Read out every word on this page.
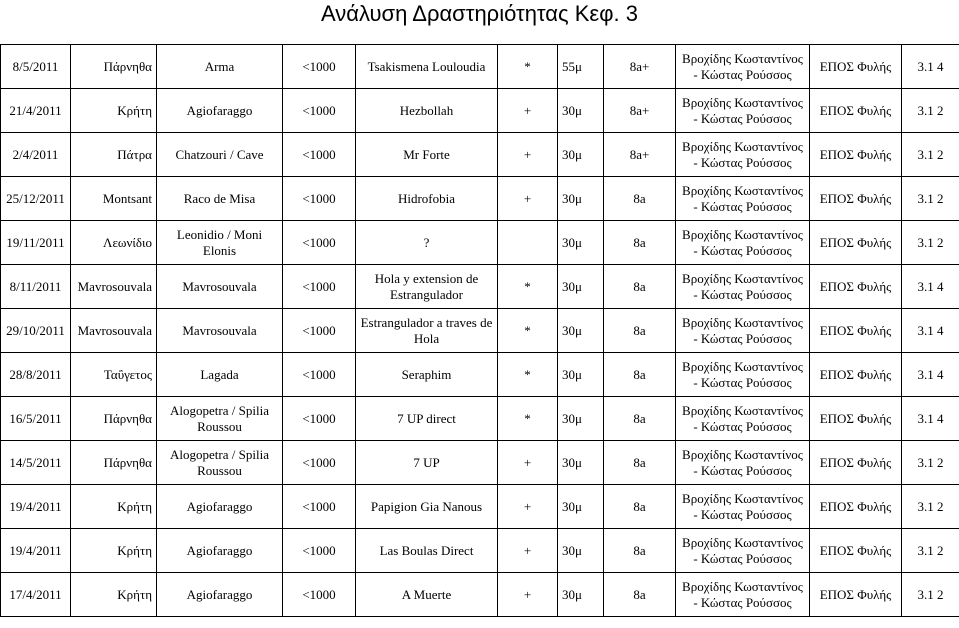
Ανάλυση Δραστηριότητας Κεφ. 3
8/5/2011	Πάρνηθα	Arma	<1000	Tsakismena Louloudia	*	55μ	8a+	Βροχίδης Κωσταντίνος - Κώστας Ρούσσος	ΕΠΟΣ Φυλής	3.1 4
21/4/2011	Κρήτη	Agiofaraggo	<1000	Hezbollah	+	30μ	8a+	Βροχίδης Κωσταντίνος - Κώστας Ρούσσος	ΕΠΟΣ Φυλής	3.1 2
2/4/2011	Πάτρα	Chatzouri / Cave	<1000	Mr Forte	+	30μ	8a+	Βροχίδης Κωσταντίνος - Κώστας Ρούσσος	ΕΠΟΣ Φυλής	3.1 2
25/12/2011	Montsant	Raco de Misa	<1000	Hidrofobia	+	30μ	8a	Βροχίδης Κωσταντίνος - Κώστας Ρούσσος	ΕΠΟΣ Φυλής	3.1 2
19/11/2011	Λεωνίδιο	Leonidio / Moni Elonis	<1000	?		30μ	8a	Βροχίδης Κωσταντίνος - Κώστας Ρούσσος	ΕΠΟΣ Φυλής	3.1 2
8/11/2011	Mavrosouvala	Mavrosouvala	<1000	Hola y extension de Estrangulador	*	30μ	8a	Βροχίδης Κωσταντίνος - Κώστας Ρούσσος	ΕΠΟΣ Φυλής	3.1 4
29/10/2011	Mavrosouvala	Mavrosouvala	<1000	Estrangulador a traves de Hola	*	30μ	8a	Βροχίδης Κωσταντίνος - Κώστας Ρούσσος	ΕΠΟΣ Φυλής	3.1 4
28/8/2011	Ταΰγετος	Lagada	<1000	Seraphim	*	30μ	8a	Βροχίδης Κωσταντίνος - Κώστας Ρούσσος	ΕΠΟΣ Φυλής	3.1 4
16/5/2011	Πάρνηθα	Alogopetra / Spilia Roussou	<1000	7 UP direct	*	30μ	8a	Βροχίδης Κωσταντίνος - Κώστας Ρούσσος	ΕΠΟΣ Φυλής	3.1 4
14/5/2011	Πάρνηθα	Alogopetra / Spilia Roussou	<1000	7 UP	+	30μ	8a	Βροχίδης Κωσταντίνος - Κώστας Ρούσσος	ΕΠΟΣ Φυλής	3.1 2
19/4/2011	Κρήτη	Agiofaraggo	<1000	Papigion Gia Nanous	+	30μ	8a	Βροχίδης Κωσταντίνος - Κώστας Ρούσσος	ΕΠΟΣ Φυλής	3.1 2
19/4/2011	Κρήτη	Agiofaraggo	<1000	Las Boulas Direct	+	30μ	8a	Βροχίδης Κωσταντίνος - Κώστας Ρούσσος	ΕΠΟΣ Φυλής	3.1 2
17/4/2011	Κρήτη	Agiofaraggo	<1000	A Muerte	+	30μ	8a	Βροχίδης Κωσταντίνος - Κώστας Ρούσσος	ΕΠΟΣ Φυλής	3.1 2
